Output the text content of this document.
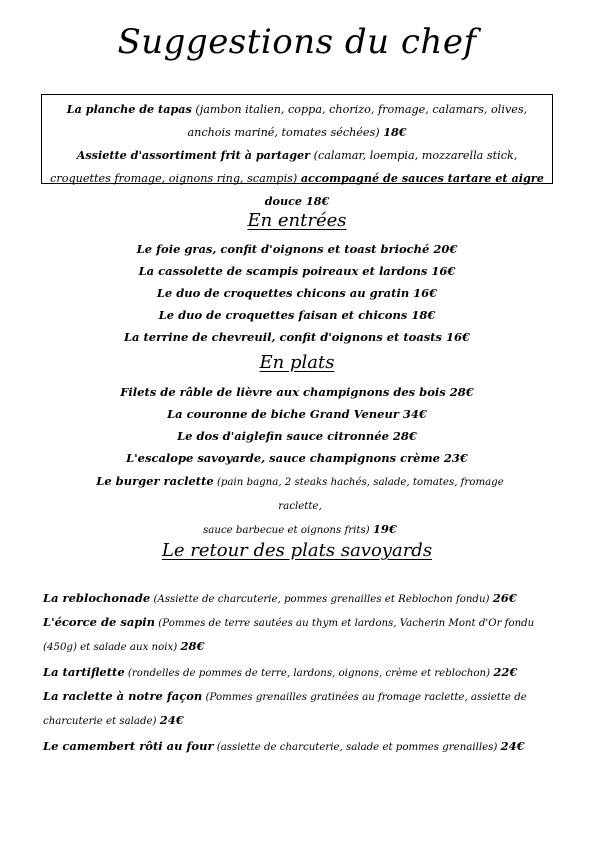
Suggestions du chef
La planche de tapas (jambon italien, coppa, chorizo, fromage, calamars, olives, anchois mariné, tomates séchées) 18€
Assiette d'assortiment frit à partager (calamar, loempia, mozzarella stick, croquettes fromage, oignons ring, scampis) accompagné de sauces tartare et aigre douce 18€
En entrées
Le foie gras, confit d'oignons et toast brioché 20€
La cassolette de scampis poireaux et lardons 16€
Le duo de croquettes chicons au gratin 16€
Le duo de croquettes faisan et chicons 18€
La terrine de chevreuil, confit d'oignons et toasts 16€
En plats
Filets de râble de lièvre aux champignons des bois 28€
La couronne de biche Grand Veneur 34€
Le dos d'aiglefin sauce citronnée 28€
L'escalope savoyarde, sauce champignons crème 23€
Le burger raclette (pain bagna, 2 steaks hachés, salade, tomates, fromage raclette,
sauce barbecue et oignons frits) 19€
Le retour des plats savoyards
La reblochonade (Assiette de charcuterie, pommes grenailles et Reblochon fondu) 26€
L'écorce de sapin (Pommes de terre sautées au thym et lardons, Vacherin Mont d'Or fondu (450g) et salade aux noix) 28€
La tartiflette (rondelles de pommes de terre, lardons, oignons, crème et reblochon) 22€
La raclette à notre façon (Pommes grenailles gratinées au fromage raclette, assiette de charcuterie et salade) 24€
Le camembert rôti au four (assiette de charcuterie, salade et pommes grenailles) 24€
